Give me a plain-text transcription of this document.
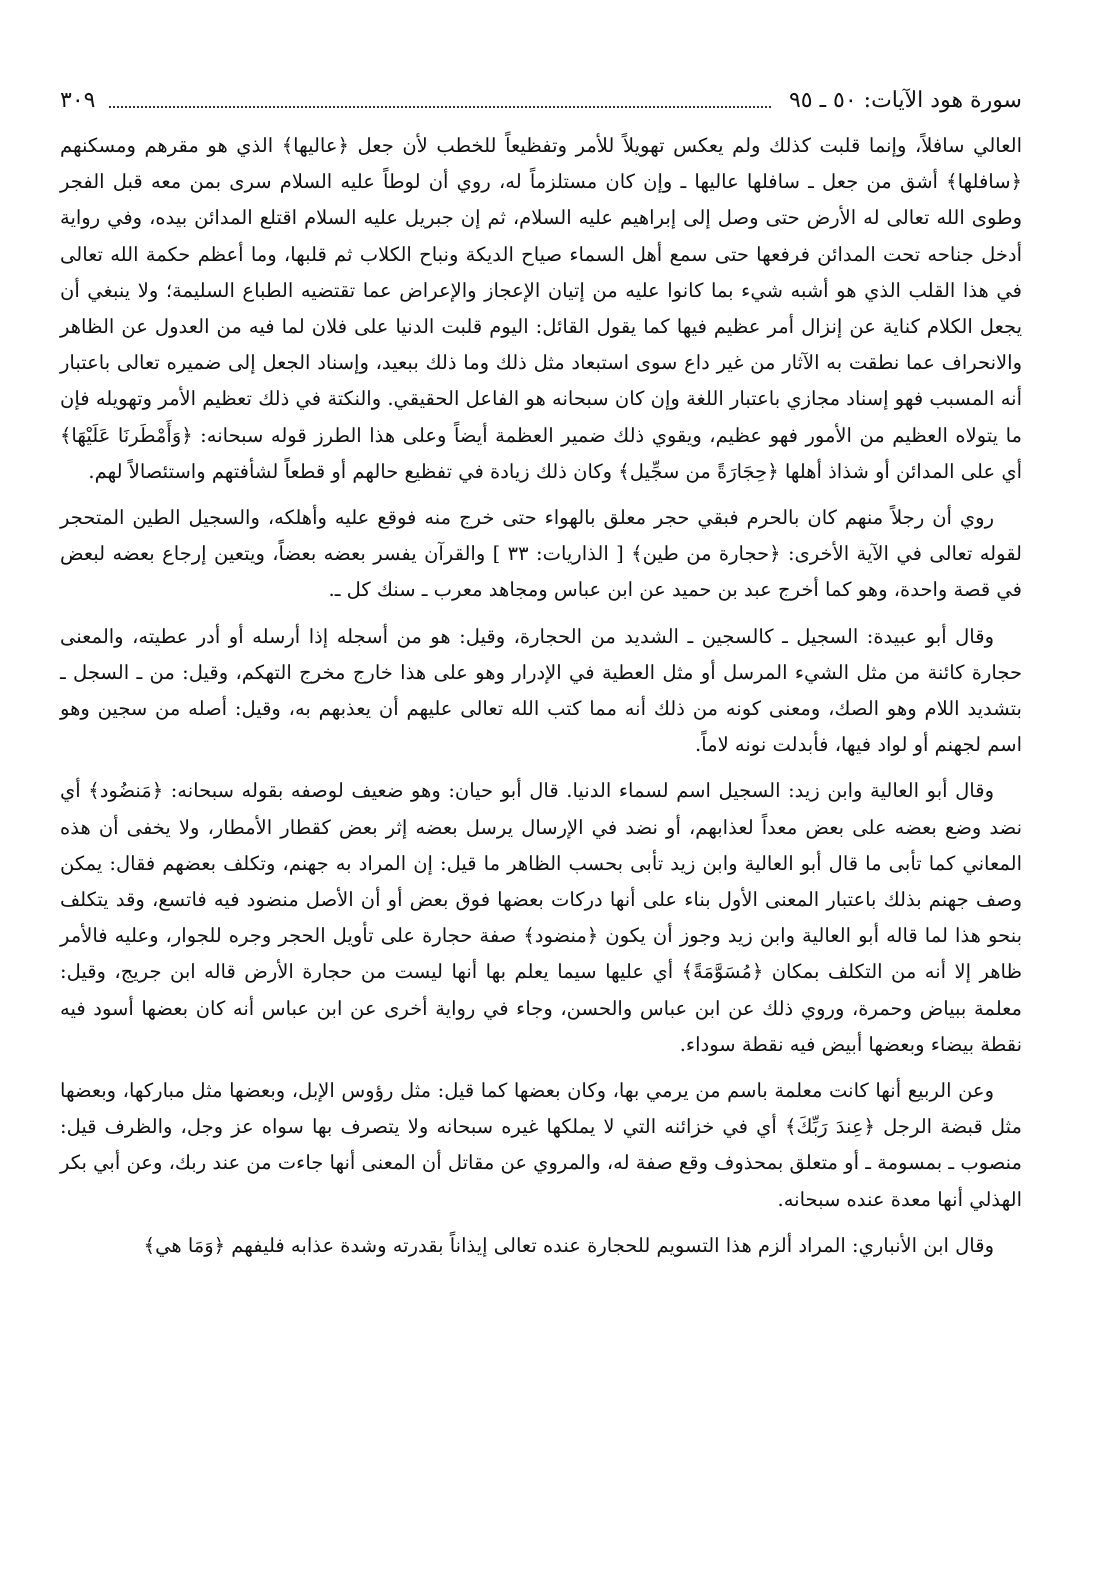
سورة هود الآيات: ٥٠ ـ ٩٥
٣٠٩

العالي سافلاً، وإنما قلبت كذلك ولم يعكس تهويلاً للأمر وتفظيعاً للخطب لأن جعل ﴿عاليها﴾ الذي هو مقرهم ومسكنهم ﴿سافلها﴾ أشق من جعل ـ سافلها عاليها ـ وإن كان مستلزماً له، روي أن لوطاً عليه السلام سرى بمن معه قبل الفجر وطوى الله تعالى له الأرض حتى وصل إلى إبراهيم عليه السلام، ثم إن جبريل عليه السلام اقتلع المدائن بيده، وفي رواية أدخل جناحه تحت المدائن فرفعها حتى سمع أهل السماء صياح الديكة ونباح الكلاب ثم قلبها، وما أعظم حكمة الله تعالى في هذا القلب الذي هو أشبه شيء بما كانوا عليه من إتيان الإعجاز والإعراض عما تقتضيه الطباع السليمة؛ ولا ينبغي أن يجعل الكلام كناية عن إنزال أمر عظيم فيها كما يقول القائل: اليوم قلبت الدنيا على فلان لما فيه من العدول عن الظاهر والانحراف عما نطقت به الآثار من غير داع سوى استبعاد مثل ذلك وما ذلك ببعيد، وإسناد الجعل إلى ضميره تعالى باعتبار أنه المسبب فهو إسناد مجازي باعتبار اللغة وإن كان سبحانه هو الفاعل الحقيقي. والنكتة في ذلك تعظيم الأمر وتهويله فإن ما يتولاه العظيم من الأمور فهو عظيم، ويقوي ذلك ضمير العظمة أيضاً وعلى هذا الطرز قوله سبحانه: ﴿وَأَمْطَرنَا عَلَيْهَا﴾ أي على المدائن أو شذاذ أهلها ﴿حِجَارَةً من سجِّيل﴾ وكان ذلك زيادة في تفظيع حالهم أو قطعاً لشأفتهم واستئصالاً لهم.

روي أن رجلاً منهم كان بالحرم فبقي حجر معلق بالهواء حتى خرج منه فوقع عليه وأهلكه، والسجيل الطين المتحجر لقوله تعالى في الآية الأخرى: ﴿حجارة من طين﴾ [ الذاريات: ٣٣ ] والقرآن يفسر بعضه بعضاً، ويتعين إرجاع بعضه لبعض في قصة واحدة، وهو كما أخرج عبد بن حميد عن ابن عباس ومجاهد معرب ـ سنك كل ـ.

وقال أبو عبيدة: السجيل ـ كالسجين ـ الشديد من الحجارة، وقيل: هو من أسجله إذا أرسله أو أدر عطيته، والمعنى حجارة كائنة من مثل الشيء المرسل أو مثل العطية في الإدرار وهو على هذا خارج مخرج التهكم، وقيل: من ـ السجل ـ بتشديد اللام وهو الصك، ومعنى كونه من ذلك أنه مما كتب الله تعالى عليهم أن يعذبهم به، وقيل: أصله من سجين وهو اسم لجهنم أو لواد فيها، فأبدلت نونه لاماً.

وقال أبو العالية وابن زيد: السجيل اسم لسماء الدنيا. قال أبو حيان: وهو ضعيف لوصفه بقوله سبحانه: ﴿مَنضُود﴾ أي نضد وضع بعضه على بعض معداً لعذابهم، أو نضد في الإرسال يرسل بعضه إثر بعض كقطار الأمطار، ولا يخفى أن هذه المعاني كما تأبى ما قال أبو العالية وابن زيد تأبى بحسب الظاهر ما قيل: إن المراد به جهنم، وتكلف بعضهم فقال: يمكن وصف جهنم بذلك باعتبار المعنى الأول بناء على أنها دركات بعضها فوق بعض أو أن الأصل منضود فيه فاتسع، وقد يتكلف بنحو هذا لما قاله أبو العالية وابن زيد وجوز أن يكون ﴿منضود﴾ صفة حجارة على تأويل الحجر وجره للجوار، وعليه فالأمر ظاهر إلا أنه من التكلف بمكان ﴿مُسَوَّمَةً﴾ أي عليها سيما يعلم بها أنها ليست من حجارة الأرض قاله ابن جريج، وقيل: معلمة ببياض وحمرة، وروي ذلك عن ابن عباس والحسن، وجاء في رواية أخرى عن ابن عباس أنه كان بعضها أسود فيه نقطة بيضاء وبعضها أبيض فيه نقطة سوداء.

وعن الربيع أنها كانت معلمة باسم من يرمي بها، وكان بعضها كما قيل: مثل رؤوس الإبل، وبعضها مثل مباركها، وبعضها مثل قبضة الرجل ﴿عِندَ رَبِّكَ﴾ أي في خزائنه التي لا يملكها غيره سبحانه ولا يتصرف بها سواه عز وجل، والظرف قيل: منصوب ـ بمسومة ـ أو متعلق بمحذوف وقع صفة له، والمروي عن مقاتل أن المعنى أنها جاءت من عند ربك، وعن أبي بكر الهذلي أنها معدة عنده سبحانه.

وقال ابن الأنباري: المراد ألزم هذا التسويم للحجارة عنده تعالى إيذاناً بقدرته وشدة عذابه فليفهم ﴿وَمَا هي﴾
